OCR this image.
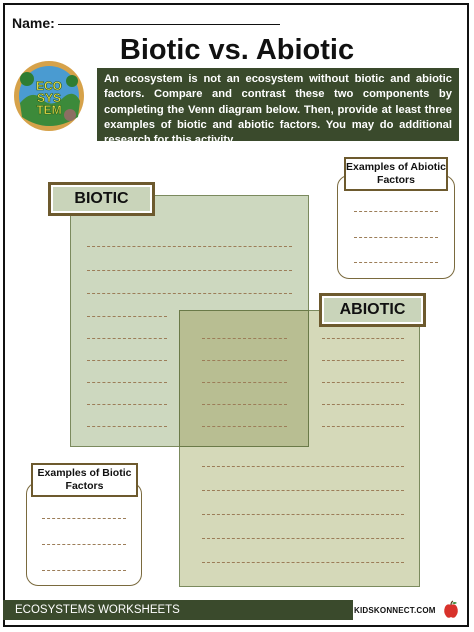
Name:
Biotic vs. Abiotic
ECO
SYS
TEM
An ecosystem is not an ecosystem without biotic and abiotic factors. Compare and contrast these two components by completing the Venn diagram below. Then, provide at least three examples of biotic and abiotic factors. You may do additional research for this activity.
BIOTIC
ABIOTIC
Examples of Abiotic Factors
Examples of Biotic Factors
ECOSYSTEMS WORKSHEETS	KIDSKONNECT.COM
